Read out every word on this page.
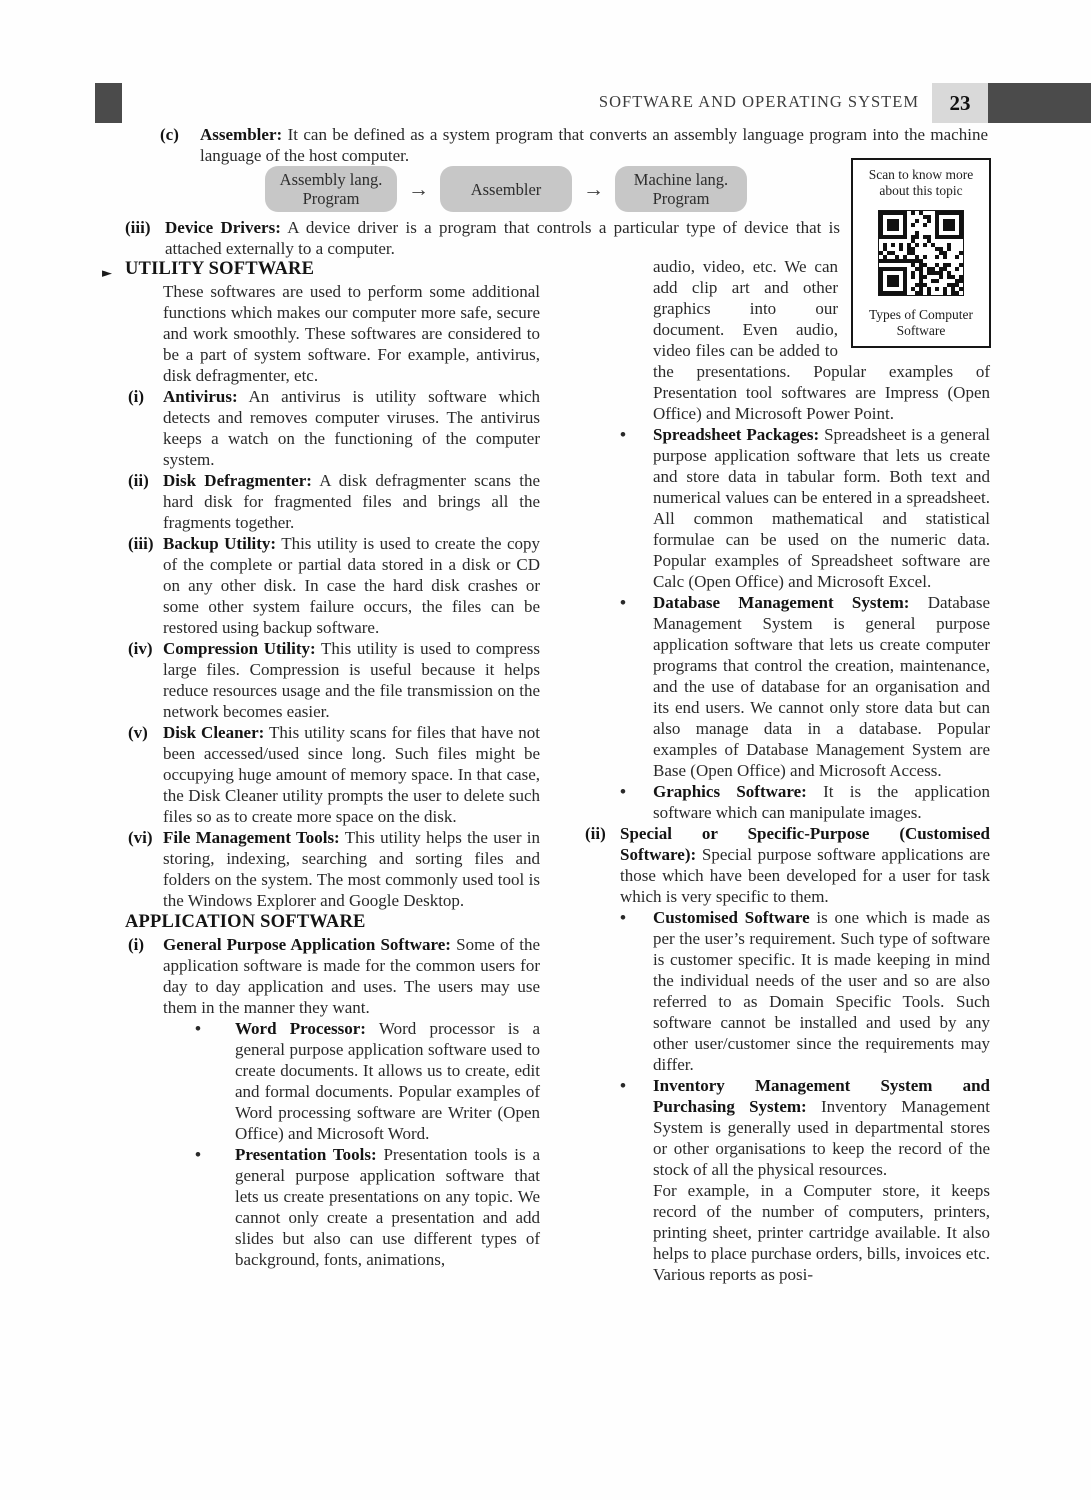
SOFTWARE AND OPERATING SYSTEM	23

(c) Assembler: It can be defined as a system program that converts an assembly language program into the machine language of the host computer.

Assembly lang. Program	→	Assembler	→	Machine lang. Program
Scan to know more about this topic
Types of Computer Software

(iii) Device Drivers: A device driver is a program that controls a particular type of device that is attached externally to a computer.

► UTILITY SOFTWARE

These softwares are used to perform some additional functions which makes our computer more safe, secure and work smoothly. These softwares are considered to be a part of system software. For example, antivirus, disk defragmenter, etc.

(i) Antivirus: An antivirus is utility software which detects and removes computer viruses. The antivirus keeps a watch on the functioning of the computer system.

(ii) Disk Defragmenter: A disk defragmenter scans the hard disk for fragmented files and brings all the fragments together.

(iii) Backup Utility: This utility is used to create the copy of the complete or partial data stored in a disk or CD on any other disk. In case the hard disk crashes or some other system failure occurs, the files can be restored using backup software.

(iv) Compression Utility: This utility is used to compress large files. Compression is useful because it helps reduce resources usage and the file transmission on the network becomes easier.

(v) Disk Cleaner: This utility scans for files that have not been accessed/used since long. Such files might be occupying huge amount of memory space. In that case, the Disk Cleaner utility prompts the user to delete such files so as to create more space on the disk.

(vi) File Management Tools: This utility helps the user in storing, indexing, searching and sorting files and folders on the system. The most commonly used tool is the Windows Explorer and Google Desktop.

APPLICATION SOFTWARE

(i) General Purpose Application Software: Some of the application software is made for the common users for day to day application and uses. The users may use them in the manner they want.

• Word Processor: Word processor is a general purpose application software used to create documents. It allows us to create, edit and formal documents. Popular examples of Word processing software are Writer (Open Office) and Microsoft Word.

• Presentation Tools: Presentation tools is a general purpose application software that lets us create presentations on any topic. We cannot only create a presentation and add slides but also can use different types of background, fonts, animations,

audio, video, etc. We can add clip art and other graphics into our document. Even audio, video files can be added to the presentations. Popular examples of Presentation tool softwares are Impress (Open Office) and Microsoft Power Point.

• Spreadsheet Packages: Spreadsheet is a general purpose application software that lets us create and store data in tabular form. Both text and numerical values can be entered in a spreadsheet. All common mathematical and statistical formulae can be used on the numeric data. Popular examples of Spreadsheet software are Calc (Open Office) and Microsoft Excel.

• Database Management System: Database Management System is general purpose application software that lets us create computer programs that control the creation, maintenance, and the use of database for an organisation and its end users. We cannot only store data but can also manage data in a database. Popular examples of Database Management System are Base (Open Office) and Microsoft Access.

• Graphics Software: It is the application software which can manipulate images.

(ii) Special or Specific-Purpose (Customised Software): Special purpose software applications are those which have been developed for a user for task which is very specific to them.

• Customised Software is one which is made as per the user’s requirement. Such type of software is customer specific. It is made keeping in mind the individual needs of the user and so are also referred to as Domain Specific Tools. Such software cannot be installed and used by any other user/customer since the requirements may differ.

• Inventory Management System and Purchasing System: Inventory Management System is generally used in departmental stores or other organisations to keep the record of the stock of all the physical resources.

For example, in a Computer store, it keeps record of the number of computers, printers, printing sheet, printer cartridge available. It also helps to place purchase orders, bills, invoices etc. Various reports as posi-
